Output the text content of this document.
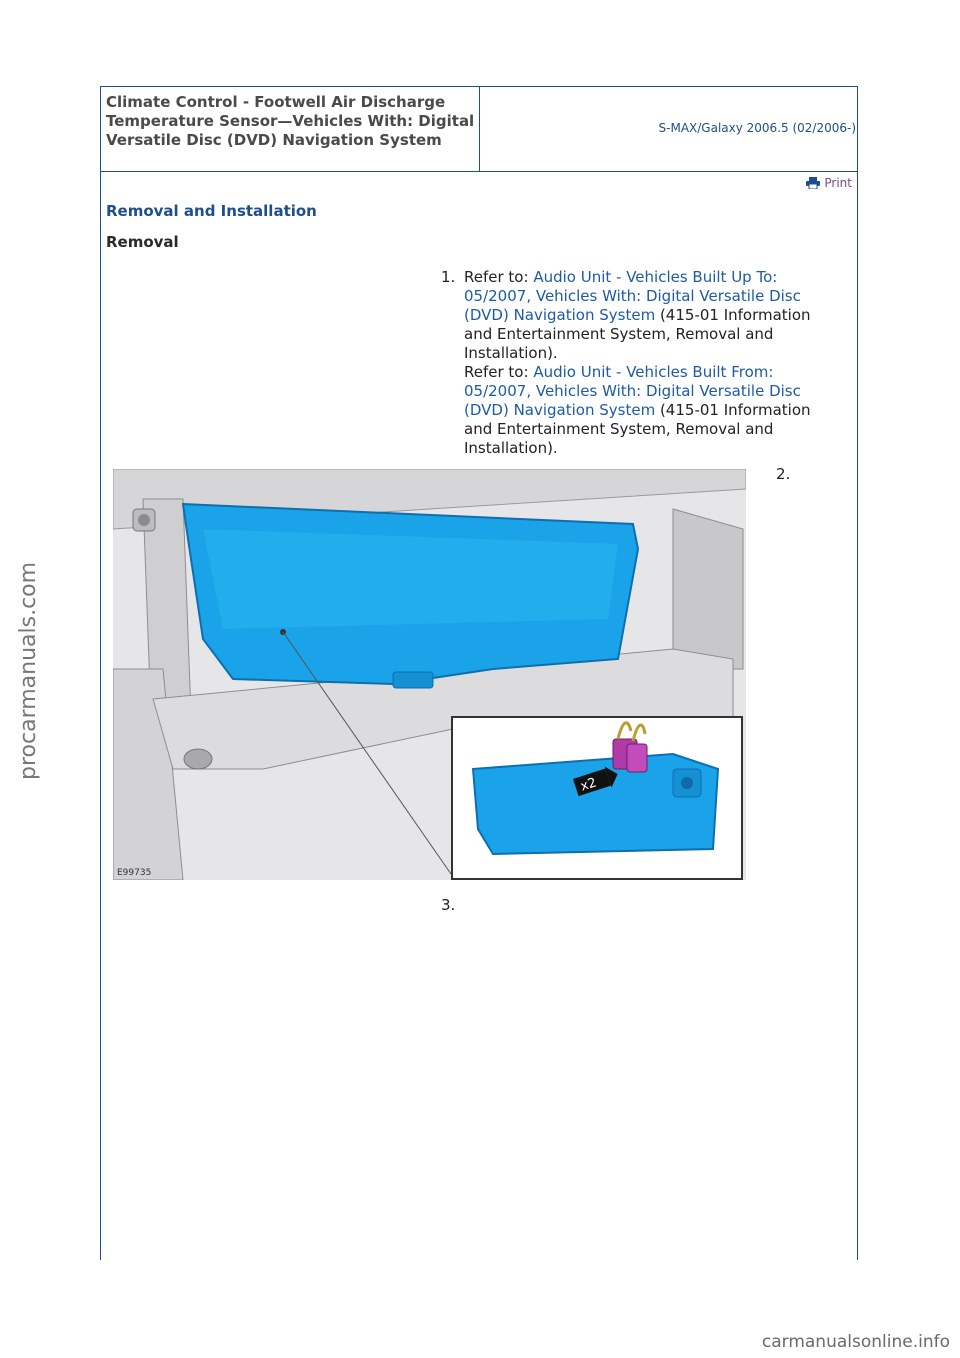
Climate Control - Footwell Air Discharge Temperature Sensor—Vehicles With: Digital Versatile Disc (DVD) Navigation System
S-MAX/Galaxy 2006.5 (02/2006-)
Print
Removal and Installation
Removal
1. Refer to: Audio Unit - Vehicles Built Up To: 05/2007, Vehicles With: Digital Versatile Disc (DVD) Navigation System (415-01 Information and Entertainment System, Removal and Installation).
Refer to: Audio Unit - Vehicles Built From: 05/2007, Vehicles With: Digital Versatile Disc (DVD) Navigation System (415-01 Information and Entertainment System, Removal and Installation).
2.
x2
E99735
3.
procarmanuals.com
carmanualsonline.info
